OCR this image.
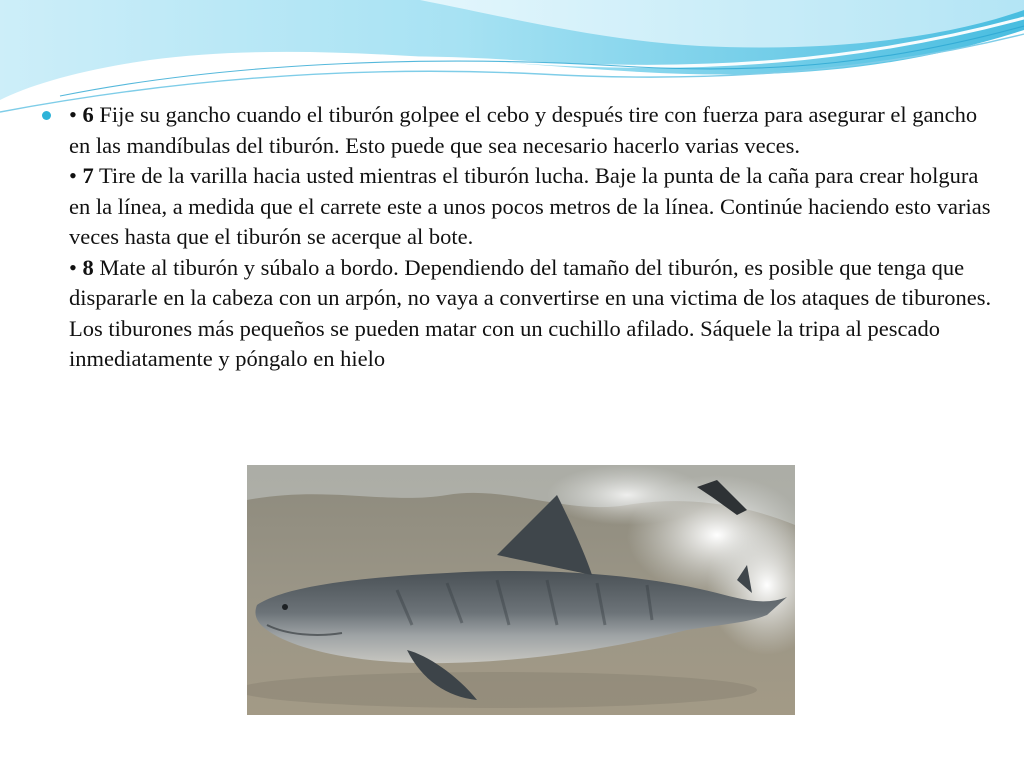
• 6 Fije su gancho cuando el tiburón golpee el cebo y después tire con fuerza para asegurar el gancho en las mandíbulas del tiburón. Esto puede que sea necesario hacerlo varias veces.

• 7 Tire de la varilla hacia usted mientras el tiburón lucha. Baje la punta de la caña para crear holgura en la línea, a medida que el carrete este a unos pocos metros de la línea. Continúe haciendo esto varias veces hasta que el tiburón se acerque al bote.

• 8 Mate al tiburón y súbalo a bordo. Dependiendo del tamaño del tiburón, es posible que tenga que dispararle en la cabeza con un arpón, no vaya a convertirse en una victima de los ataques de tiburones. Los tiburones más pequeños se pueden matar con un cuchillo afilado. Sáquele la tripa al pescado inmediatamente y póngalo en hielo
